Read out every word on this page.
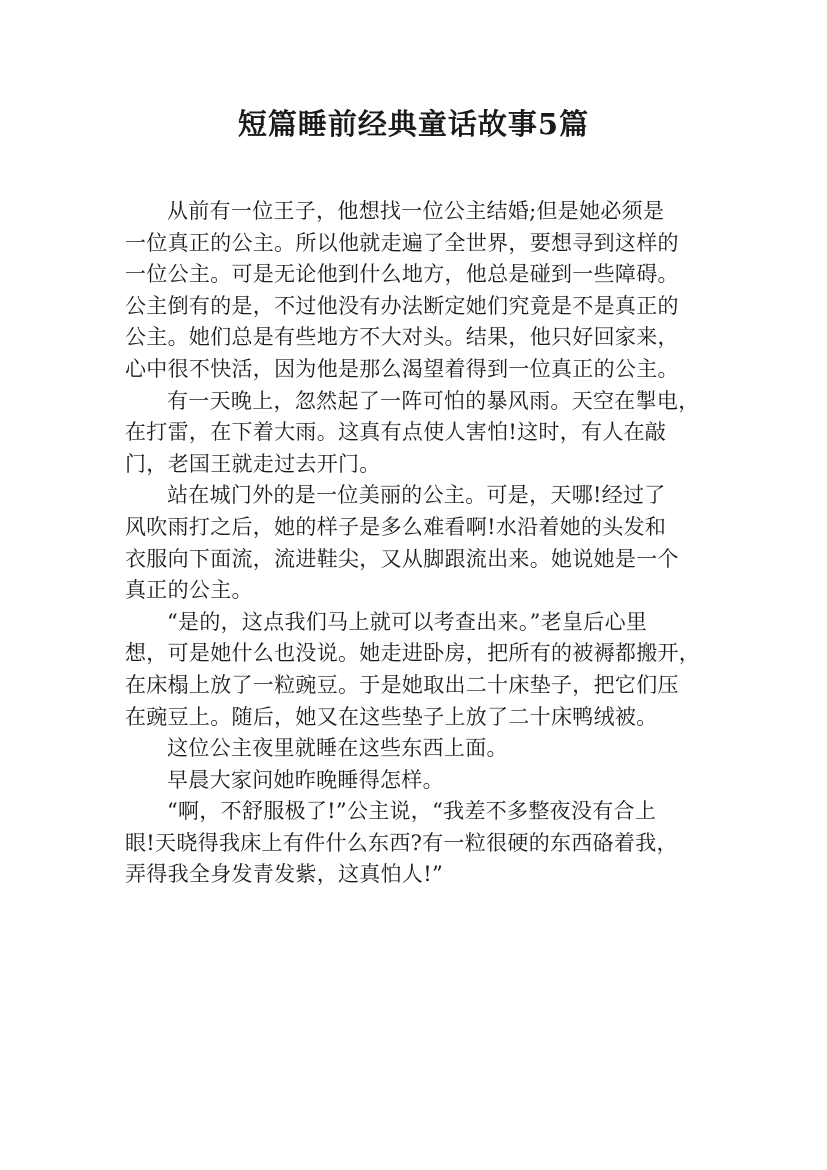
短篇睡前经典童话故事5篇
从前有一位王子，他想找一位公主结婚;但是她必须是
一位真正的公主。所以他就走遍了全世界，要想寻到这样的
一位公主。可是无论他到什么地方，他总是碰到一些障碍。
公主倒有的是，不过他没有办法断定她们究竟是不是真正的
公主。她们总是有些地方不大对头。结果，他只好回家来，
心中很不快活，因为他是那么渴望着得到一位真正的公主。
有一天晚上，忽然起了一阵可怕的暴风雨。天空在掣电，
在打雷，在下着大雨。这真有点使人害怕!这时，有人在敲
门，老国王就走过去开门。
站在城门外的是一位美丽的公主。可是，天哪!经过了
风吹雨打之后，她的样子是多么难看啊!水沿着她的头发和
衣服向下面流，流进鞋尖，又从脚跟流出来。她说她是一个
真正的公主。
“是的，这点我们马上就可以考查出来。”老皇后心里
想，可是她什么也没说。她走进卧房，把所有的被褥都搬开，
在床榻上放了一粒豌豆。于是她取出二十床垫子，把它们压
在豌豆上。随后，她又在这些垫子上放了二十床鸭绒被。
这位公主夜里就睡在这些东西上面。
早晨大家问她昨晚睡得怎样。
“啊，不舒服极了!”公主说，“我差不多整夜没有合上
眼!天晓得我床上有件什么东西?有一粒很硬的东西硌着我，
弄得我全身发青发紫，这真怕人!”
